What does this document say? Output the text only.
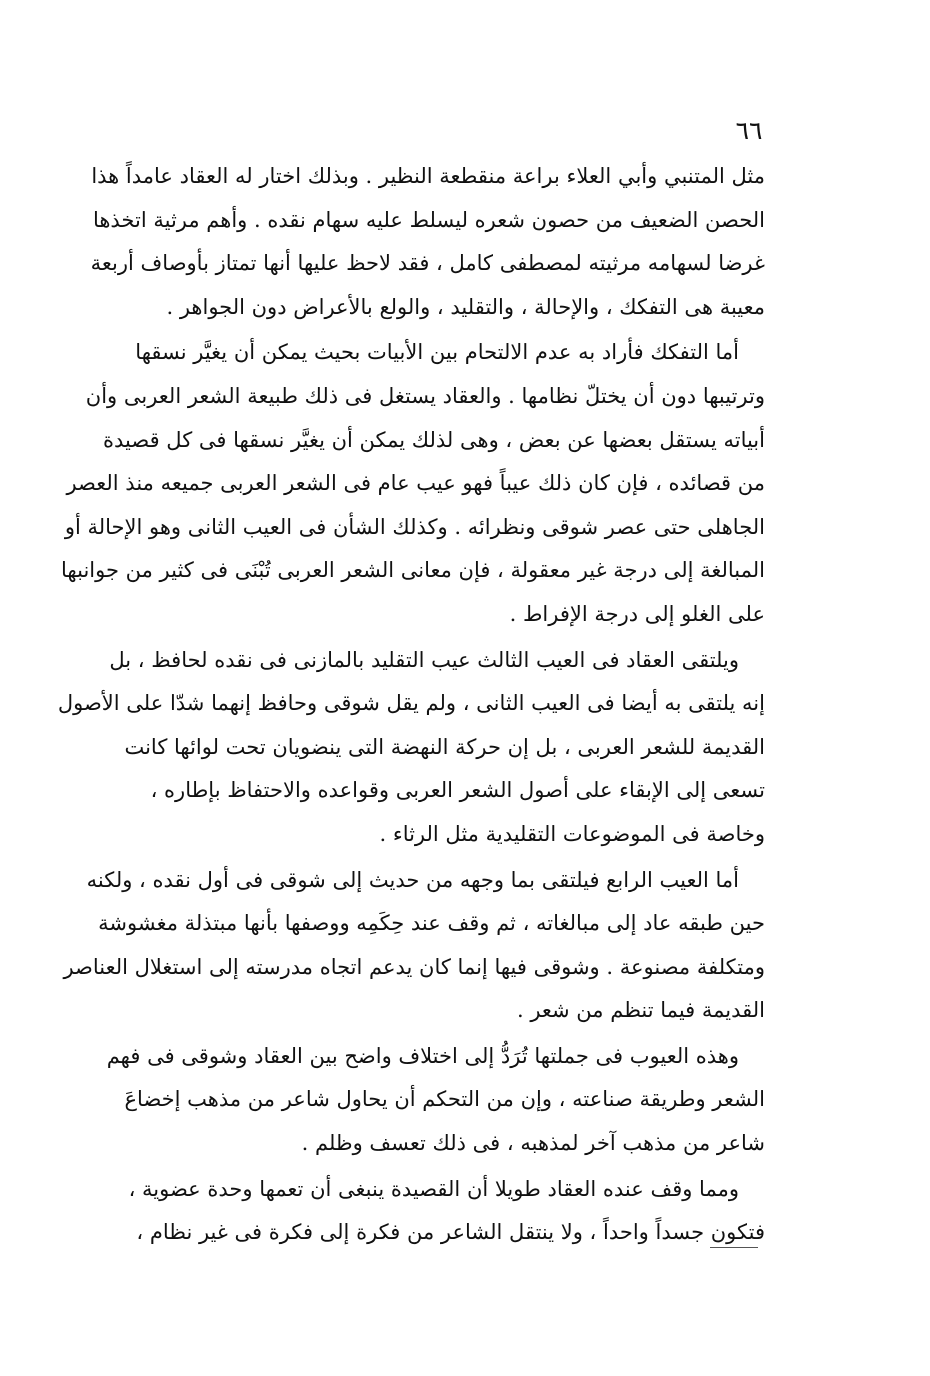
٦٦
مثل المتنبي وأبي العلاء براعة منقطعة النظير . وبذلك اختار له العقاد عامداً هذا
الحصن الضعيف من حصون شعره ليسلط عليه سهام نقده . وأهم مرثية اتخذها
غرضا لسهامه مرثيته لمصطفى كامل ، فقد لاحظ عليها أنها تمتاز بأوصاف أربعة
معيبة هى التفكك ، والإحالة ، والتقليد ، والولع بالأعراض دون الجواهر .
أما التفكك فأراد به عدم الالتحام بين الأبيات بحيث يمكن أن يغيَّر نسقها
وترتيبها دون أن يختلّ نظامها . والعقاد يستغل فى ذلك طبيعة الشعر العربى وأن
أبياته يستقل بعضها عن بعض ، وهى لذلك يمكن أن يغيَّر نسقها فى كل قصيدة
من قصائده ، فإن كان ذلك عيباً فهو عيب عام فى الشعر العربى جميعه منذ العصر
الجاهلى حتى عصر شوقى ونظرائه . وكذلك الشأن فى العيب الثانى وهو الإحالة أو
المبالغة إلى درجة غير معقولة ، فإن معانى الشعر العربى تُبْنَى فى كثير من جوانبها
على الغلو إلى درجة الإفراط .
ويلتقى العقاد فى العيب الثالث عيب التقليد بالمازنى فى نقده لحافظ ، بل
إنه يلتقى به أيضا فى العيب الثانى ، ولم يقل شوقى وحافظ إنهما شدّا على الأصول
القديمة للشعر العربى ، بل إن حركة النهضة التى ينضويان تحت لوائها كانت
تسعى إلى الإبقاء على أصول الشعر العربى وقواعده والاحتفاظ بإطاره ،
وخاصة فى الموضوعات التقليدية مثل الرثاء .
أما العيب الرابع فيلتقى بما وجهه من حديث إلى شوقى فى أول نقده ، ولكنه
حين طبقه عاد إلى مبالغاته ، ثم وقف عند حِكَمِه ووصفها بأنها مبتذلة مغشوشة
ومتكلفة مصنوعة . وشوقى فيها إنما كان يدعم اتجاه مدرسته إلى استغلال العناصر
القديمة فيما تنظم من شعر .
وهذه العيوب فى جملتها تُرَدُّ إلى اختلاف واضح بين العقاد وشوقى فى فهم
الشعر وطريقة صناعته ، وإن من التحكم أن يحاول شاعر من مذهب إخضاعَ
شاعر من مذهب آخر لمذهبه ، فى ذلك تعسف وظلم .
ومما وقف عنده العقاد طويلا أن القصيدة ينبغى أن تعمها وحدة عضوية ،
فتكون جسداً واحداً ، ولا ينتقل الشاعر من فكرة إلى فكرة فى غير نظام ،
